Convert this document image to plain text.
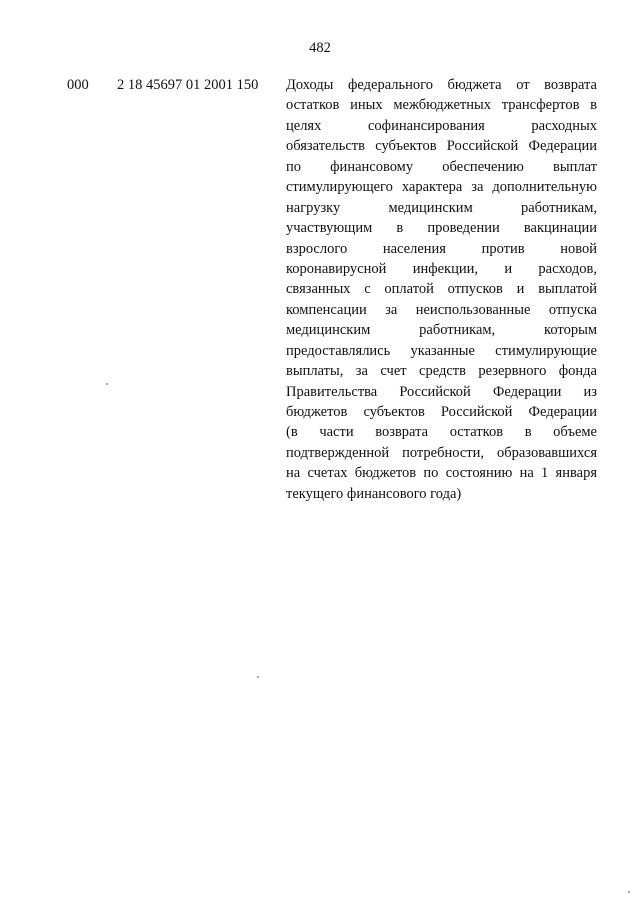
482
000 2 18 45697 01 2001 150 Доходы федерального бюджета от возврата
остатков иных межбюджетных трансфертов в
целях софинансирования расходных
обязательств субъектов Российской Федерации
по финансовому обеспечению выплат
стимулирующего характера за дополнительную
нагрузку медицинским работникам,
участвующим в проведении вакцинации
взрослого населения против новой
коронавирусной инфекции, и расходов,
связанных с оплатой отпусков и выплатой
компенсации за неиспользованные отпуска
медицинским работникам, которым
предоставлялись указанные стимулирующие
выплаты, за счет средств резервного фонда
Правительства Российской Федерации из
бюджетов субъектов Российской Федерации
(в части возврата остатков в объеме
подтвержденной потребности, образовавшихся
на счетах бюджетов по состоянию на 1 января
текущего финансового года)
